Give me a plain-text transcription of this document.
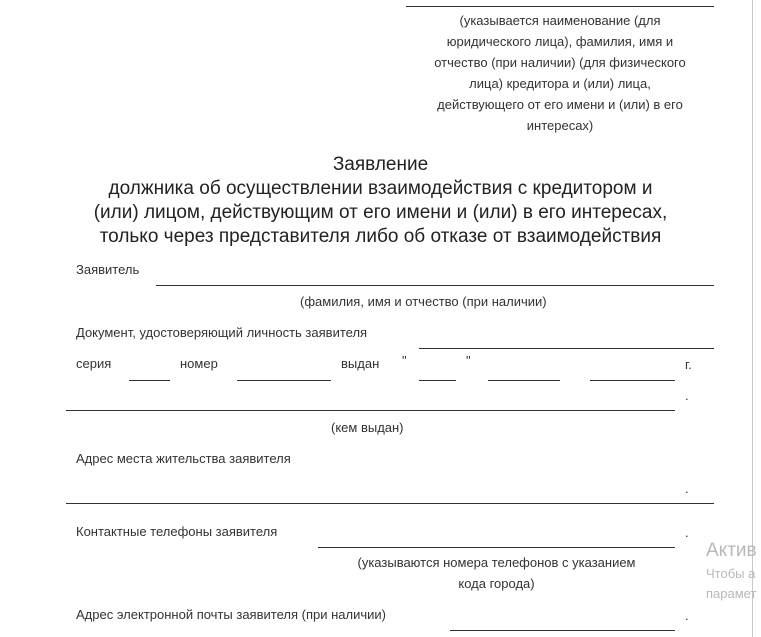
(указывается наименование (для
юридического лица), фамилия, имя и
отчество (при наличии) (для физического
лица) кредитора и (или) лица,
действующего от его имени и (или) в его
интересах)
Заявление
должника об осуществлении взаимодействия с кредитором и
(или) лицом, действующим от его имени и (или) в его интересах,
только через представителя либо об отказе от взаимодействия
Заявитель
(фамилия, имя и отчество (при наличии)
Документ, удостоверяющий личность заявителя
серия	номер	выдан "	"	г.
.
(кем выдан)
Адрес места жительства заявителя
.
Контактные телефоны заявителя	.
(указываются номера телефонов с указанием
кода города)
Адрес электронной почты заявителя (при наличии)	.
Актив
Чтобы а
парамет
